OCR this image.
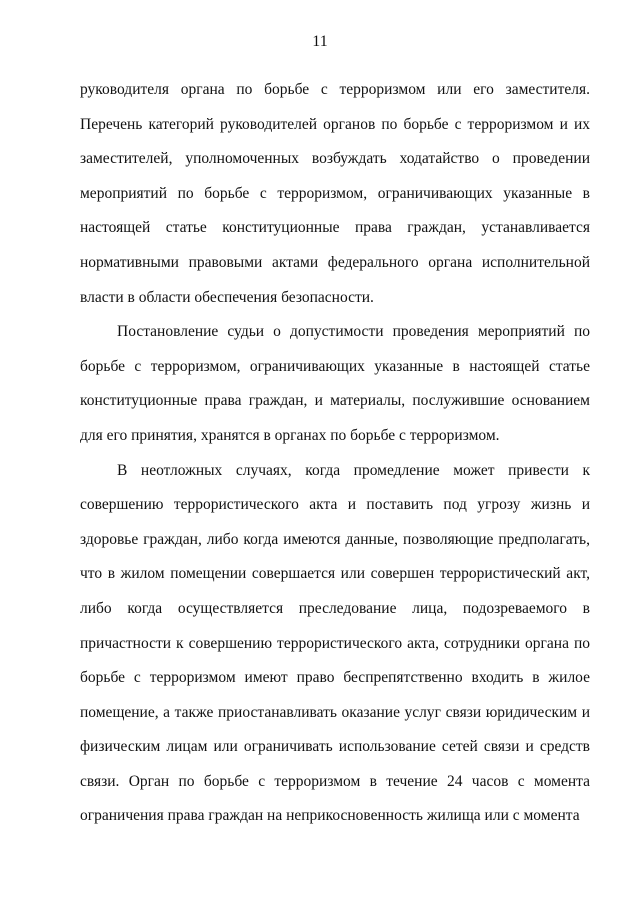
11

руководителя органа по борьбе с терроризмом или его заместителя. Перечень категорий руководителей органов по борьбе с терроризмом и их заместителей, уполномоченных возбуждать ходатайство о проведении мероприятий по борьбе с терроризмом, ограничивающих указанные в настоящей статье конституционные права граждан, устанавливается нормативными правовыми актами федерального органа исполнительной власти в области обеспечения безопасности.

Постановление судьи о допустимости проведения мероприятий по борьбе с терроризмом, ограничивающих указанные в настоящей статье конституционные права граждан, и материалы, послужившие основанием для его принятия, хранятся в органах по борьбе с терроризмом.

В неотложных случаях, когда промедление может привести к совершению террористического акта и поставить под угрозу жизнь и здоровье граждан, либо когда имеются данные, позволяющие предполагать, что в жилом помещении совершается или совершен террористический акт, либо когда осуществляется преследование лица, подозреваемого в причастности к совершению террористического акта, сотрудники органа по борьбе с терроризмом имеют право беспрепятственно входить в жилое помещение, а также приостанавливать оказание услуг связи юридическим и физическим лицам или ограничивать использование сетей связи и средств связи. Орган по борьбе с терроризмом в течение 24 часов с момента ограничения права граждан на неприкосновенность жилища или с момента
